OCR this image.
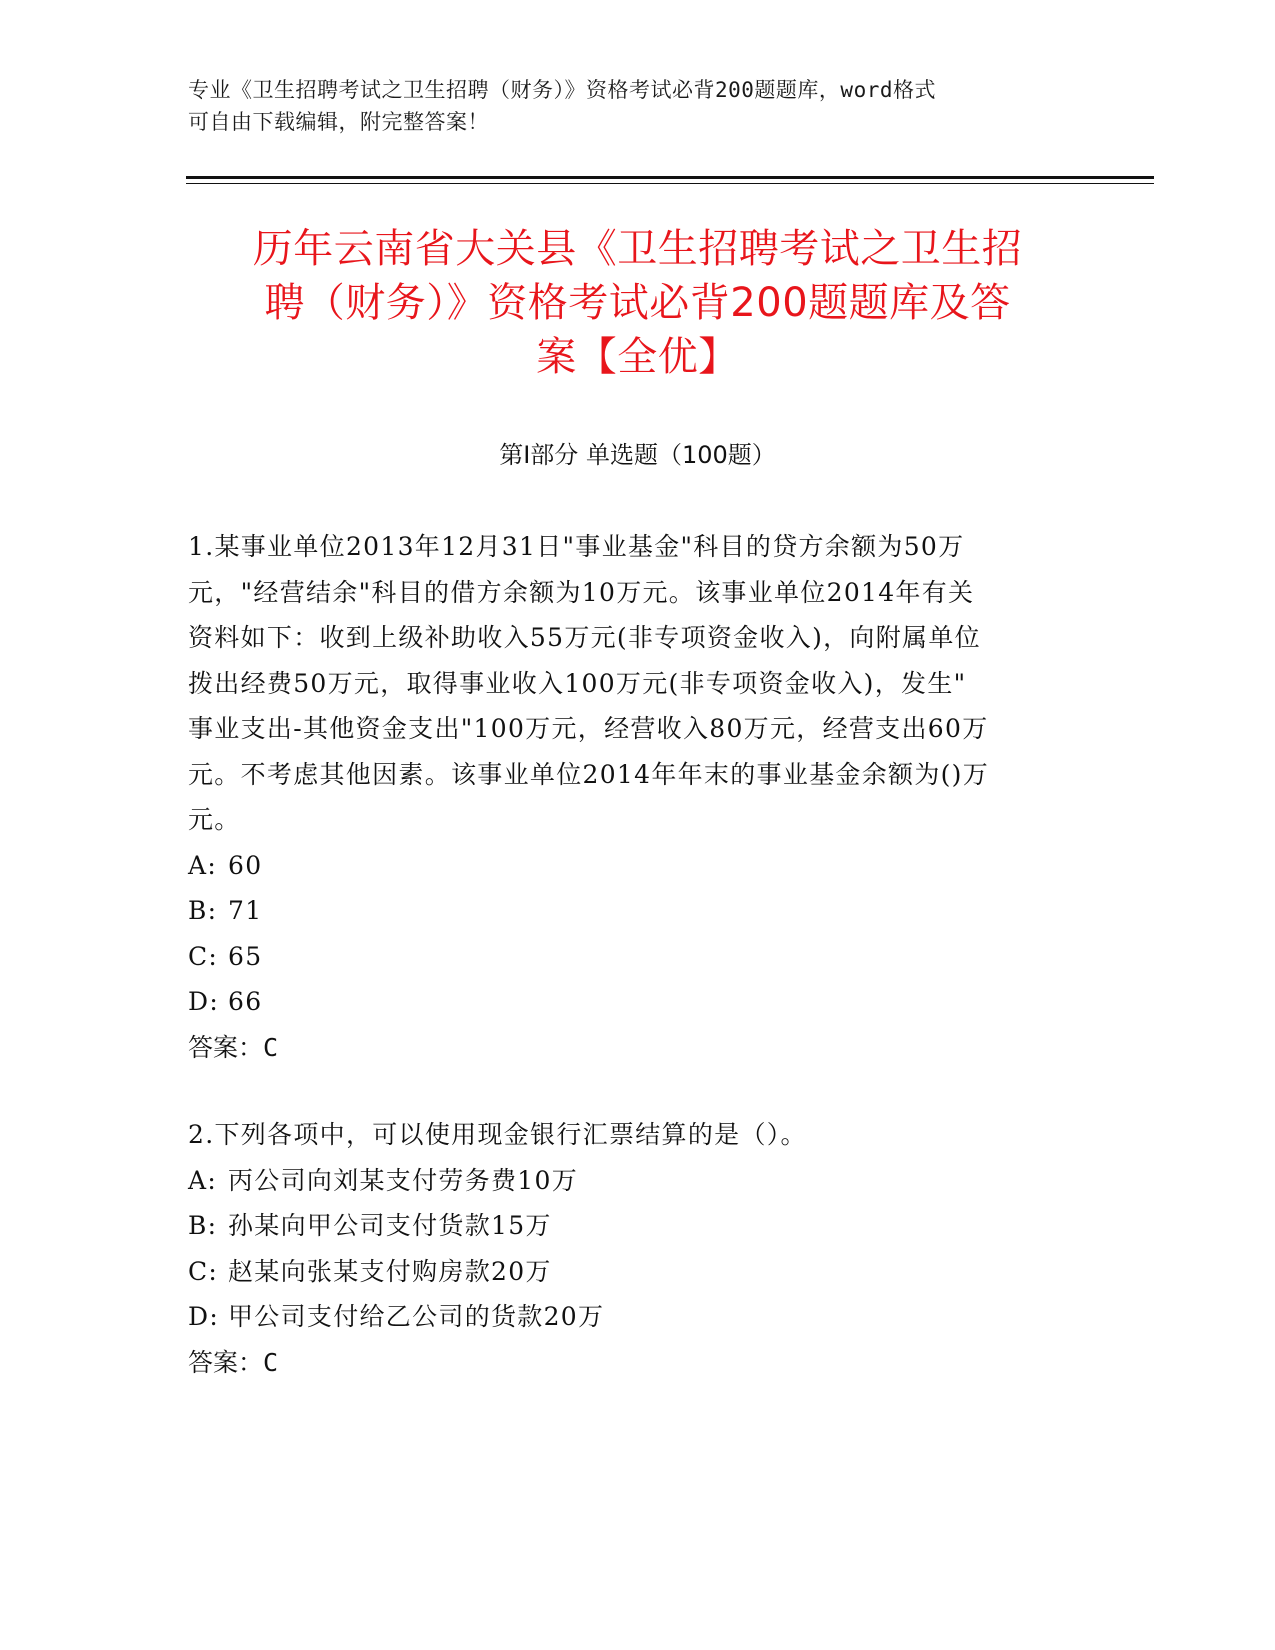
专业《卫生招聘考试之卫生招聘（财务）》资格考试必背200题题库，word格式
可自由下载编辑，附完整答案！
历年云南省大关县《卫生招聘考试之卫生招
聘（财务）》资格考试必背200题题库及答
案【全优】
第I部分 单选题（100题）

1.某事业单位2013年12月31日"事业基金"科目的贷方余额为50万

元，"经营结余"科目的借方余额为10万元。该事业单位2014年有关

资料如下：收到上级补助收入55万元(非专项资金收入)，向附属单位

拨出经费50万元，取得事业收入100万元(非专项资金收入)，发生"

事业支出-其他资金支出"100万元，经营收入80万元，经营支出60万

元。不考虑其他因素。该事业单位2014年年末的事业基金余额为()万

元。

A: 60

B: 71

C: 65

D: 66

答案：C

2.下列各项中，可以使用现金银行汇票结算的是（）。

A: 丙公司向刘某支付劳务费10万

B: 孙某向甲公司支付货款15万

C: 赵某向张某支付购房款20万

D: 甲公司支付给乙公司的货款20万

答案：C
